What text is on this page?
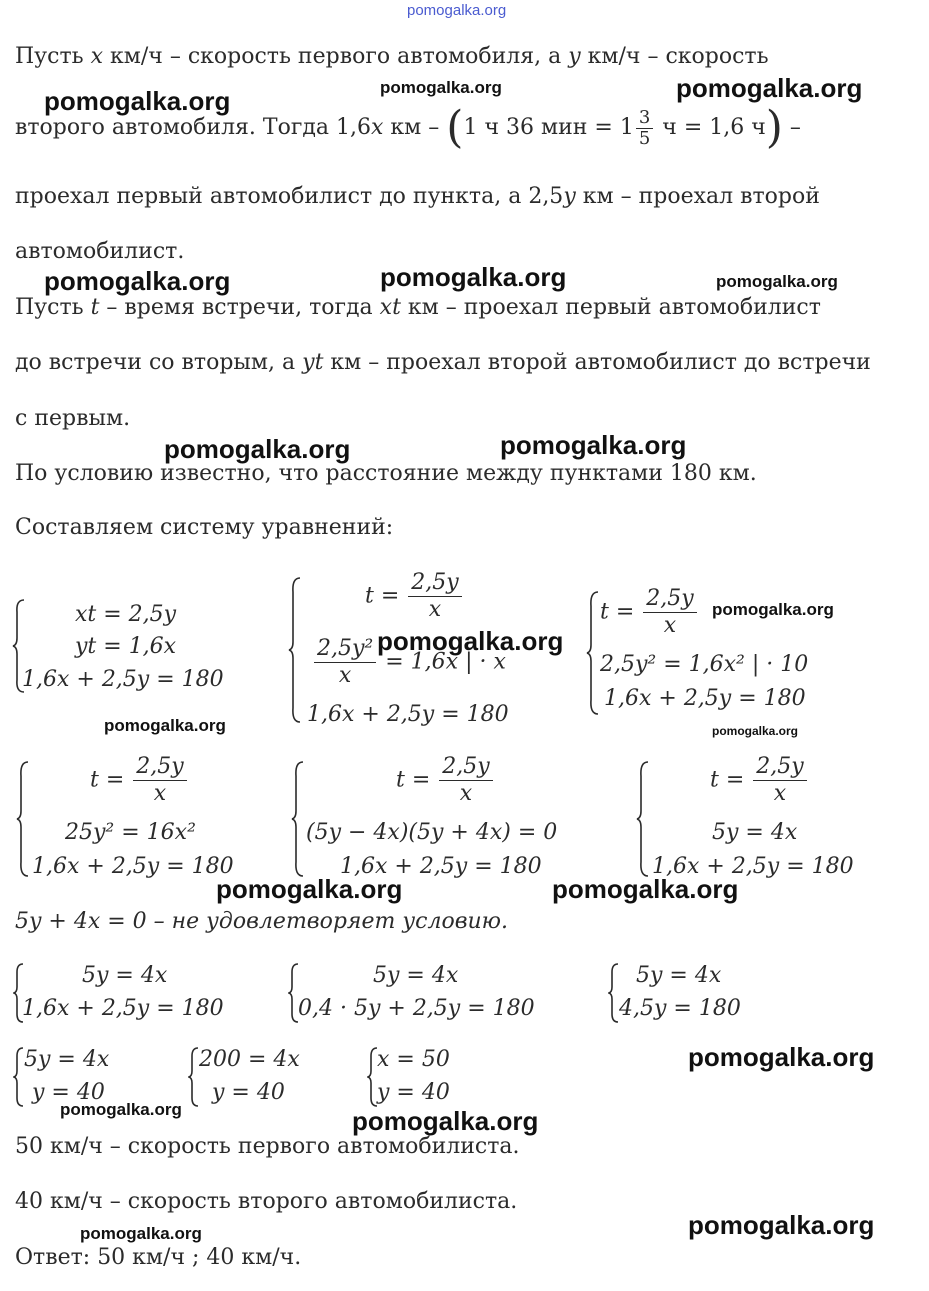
pomogalka.org
Пусть x км/ч – скорость первого автомобиля, а y км/ч – скорость
второго автомобиля. Тогда 1,6x км – (1 ч 36 мин = $1 \frac{3}{5}$ ч = 1,6 ч) –
проехал первый автомобилист до пункта, а 2,5y км – проехал второй
автомобилист.
Пусть t – время встречи, тогда xt км – проехал первый автомобилист
до встречи со вторым, а yt км – проехал второй автомобилист до встречи
с первым.
По условию известно, что расстояние между пунктами 180 км.
Составляем систему уравнений:
xt = 2,5y
yt = 1,6x
1,6x + 2,5y = 180
$t = \frac{2,5y}{x}$
$\frac{\text{2,5y²}}{x} = 1,6x$ | · x
1,6x + 2,5y = 180
$t = \frac{2,5y}{x}$
2,5y² = 1,6x² | · 10
1,6x + 2,5y = 180
$t = \frac{2,5y}{x}$
25y² = 16x²
1,6x + 2,5y = 180
$t = \frac{2,5y}{x}$
(5y − 4x)(5y + 4x) = 0
1,6x + 2,5y = 180
$t = \frac{2,5y}{x}$
5y = 4x
1,6x + 2,5y = 180
5y + 4x = 0 – не удовлетворяет условию.
5y = 4x
1,6x + 2,5y = 180
5y = 4x
0,4 · 5y + 2,5y = 180
5y = 4x
4,5y = 180
5y = 4x
y = 40
200 = 4x
y = 40
x = 50
y = 40
50 км/ч – скорость первого автомобилиста.
40 км/ч – скорость второго автомобилиста.
Ответ: 50 км/ч ; 40 км/ч.
pomogalka.org	pomogalka.org	pomogalka.org
pomogalka.org	pomogalka.org	pomogalka.org
pomogalka.org	pomogalka.org
pomogalka.org
pomogalka.org
pomogalka.org	pomogalka.org
pomogalka.org	pomogalka.org
pomogalka.org
pomogalka.org	pomogalka.org
pomogalka.org	pomogalka.org
